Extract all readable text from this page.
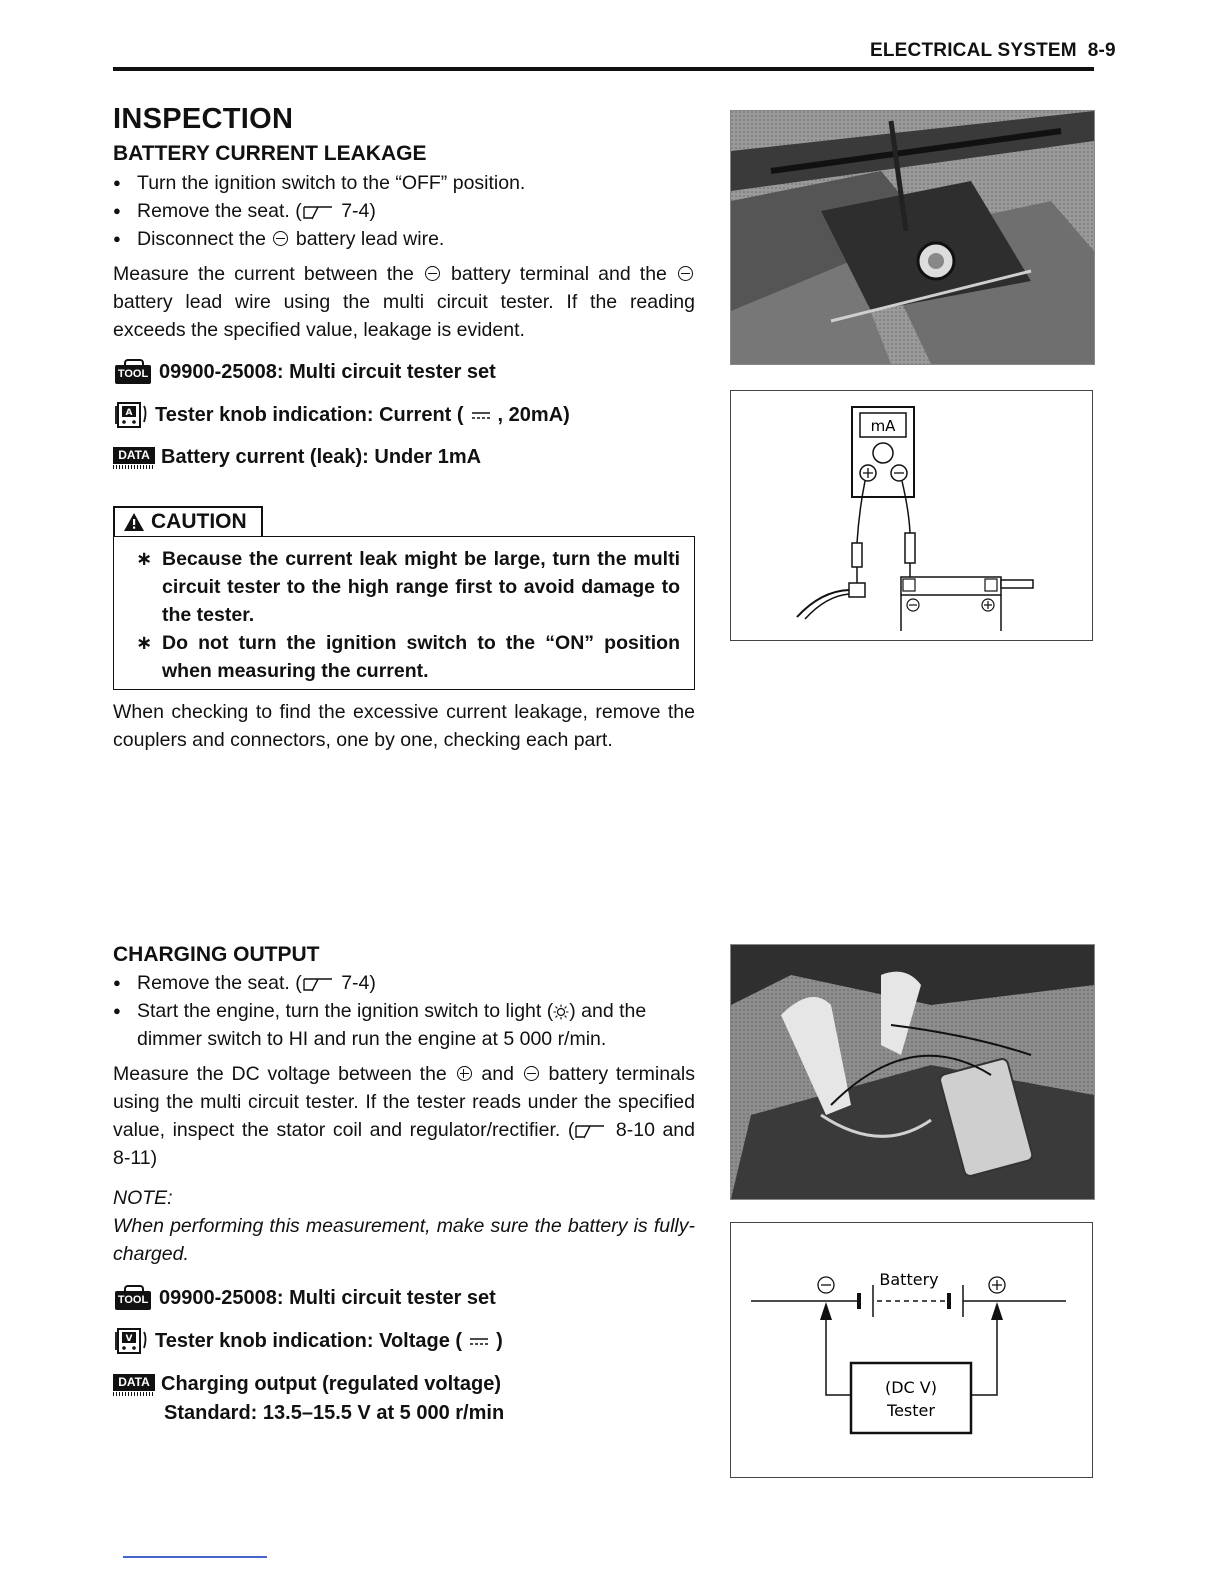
ELECTRICAL SYSTEM 8-9
INSPECTION
BATTERY CURRENT LEAKAGE
● Turn the ignition switch to the “OFF” position.
● Remove the seat. ( 7-4)
● Disconnect the battery lead wire.
Measure the current between the battery terminal and the  battery lead wire using the multi circuit tester. If the reading exceeds the specified value, leakage is evident.
TOOL 09900-25008: Multi circuit tester set
A Tester knob indication: Current ( , 20mA)
DATA Battery current (leak): Under 1mA
CAUTION
∗ Because the current leak might be large, turn the multi circuit tester to the high range first to avoid damage to the tester.
∗ Do not turn the ignition switch to the “ON” position when measuring the current.
When checking to find the excessive current leakage, remove the couplers and connectors, one by one, checking each part.
mA
CHARGING OUTPUT
● Remove the seat. ( 7-4)
● Start the engine, turn the ignition switch to light ( ) and the dimmer switch to HI and run the engine at 5 000 r/min.
Measure the DC voltage between the and battery terminals using the multi circuit tester. If the tester reads under the specified value, inspect the stator coil and regulator/rectifier. ( 8-10 and 8-11)
NOTE:
When performing this measurement, make sure the battery is fully-charged.
TOOL 09900-25008: Multi circuit tester set
V Tester knob indication: Voltage ( )
DATA Charging output (regulated voltage)
Standard: 13.5–15.5 V at 5 000 r/min
Battery
(DC V)
Tester
